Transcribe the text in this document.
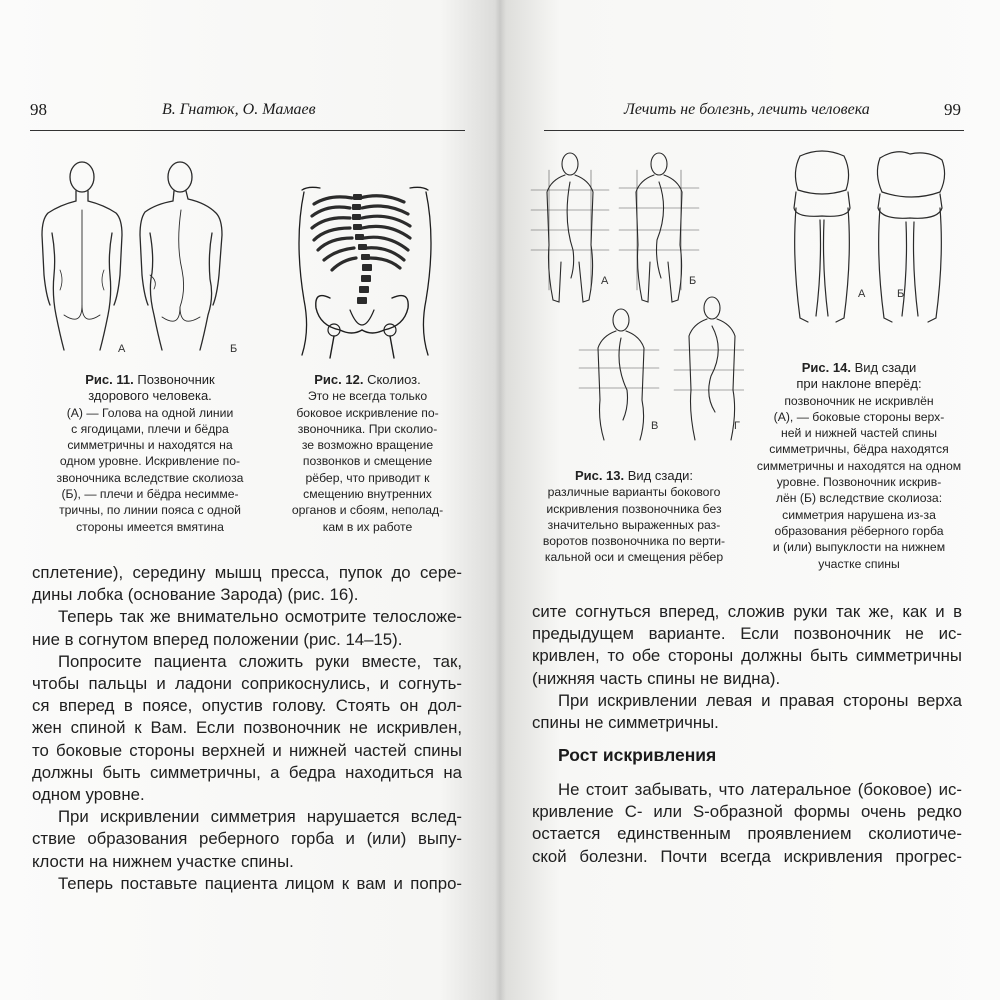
98	В. Гнатюк, О. Мамаев
А	Б
Рис. 11. Позвоночник
здорового человека.
(А) — Голова на одной линии
с ягодицами, плечи и бёдра
симметричны и находятся на
одном уровне. Искривление по-
звоночника вследствие сколиоза
(Б), — плечи и бёдра несимме-
тричны, по линии пояса с одной
стороны имеется вмятина
Рис. 12. Сколиоз.
Это не всегда только
боковое искривление по-
звоночника. При сколио-
зе возможно вращение
позвонков и смещение
рёбер, что приводит к
смещению внутренних
органов и сбоям, неполад-
кам в их работе
сплетение), середину мышц пресса, пупок до сере-
дины лобка (основание Зарода) (рис. 16).
Теперь так же внимательно осмотрите телосложе-
ние в согнутом вперед положении (рис. 14–15).
Попросите пациента сложить руки вместе, так,
чтобы пальцы и ладони соприкоснулись, и согнуть-
ся вперед в поясе, опустив голову. Стоять он дол-
жен спиной к Вам. Если позвоночник не искривлен,
то боковые стороны верхней и нижней частей спины
должны быть симметричны, а бедра находиться на
одном уровне.
При искривлении симметрия нарушается вслед-
ствие образования реберного горба и (или) выпу-
клости на нижнем участке спины.
Теперь поставьте пациента лицом к вам и попро-
Лечить не болезнь, лечить человека	99
А	Б
В	Г
А	Б
Рис. 13. Вид сзади:
различные варианты бокового
искривления позвоночника без
значительно выраженных раз-
воротов позвоночника по верти-
кальной оси и смещения рёбер
Рис. 14. Вид сзади
при наклоне вперёд:
позвоночник не искривлён
(А), — боковые стороны верх-
ней и нижней частей спины
симметричны, бёдра находятся
симметричны и находятся на одном
уровне. Позвоночник искрив-
лён (Б) вследствие сколиоза:
симметрия нарушена из-за
образования рёберного горба
и (или) выпуклости на нижнем
участке спины
сите согнуться вперед, сложив руки так же, как и в
предыдущем варианте. Если позвоночник не ис-
кривлен, то обе стороны должны быть симметричны
(нижняя часть спины не видна).
При искривлении левая и правая стороны верха
спины не симметричны.
Рост искривления
Не стоит забывать, что латеральное (боковое) ис-
кривление С- или S-образной формы очень редко
остается единственным проявлением сколиотиче-
ской болезни. Почти всегда искривления прогрес-
